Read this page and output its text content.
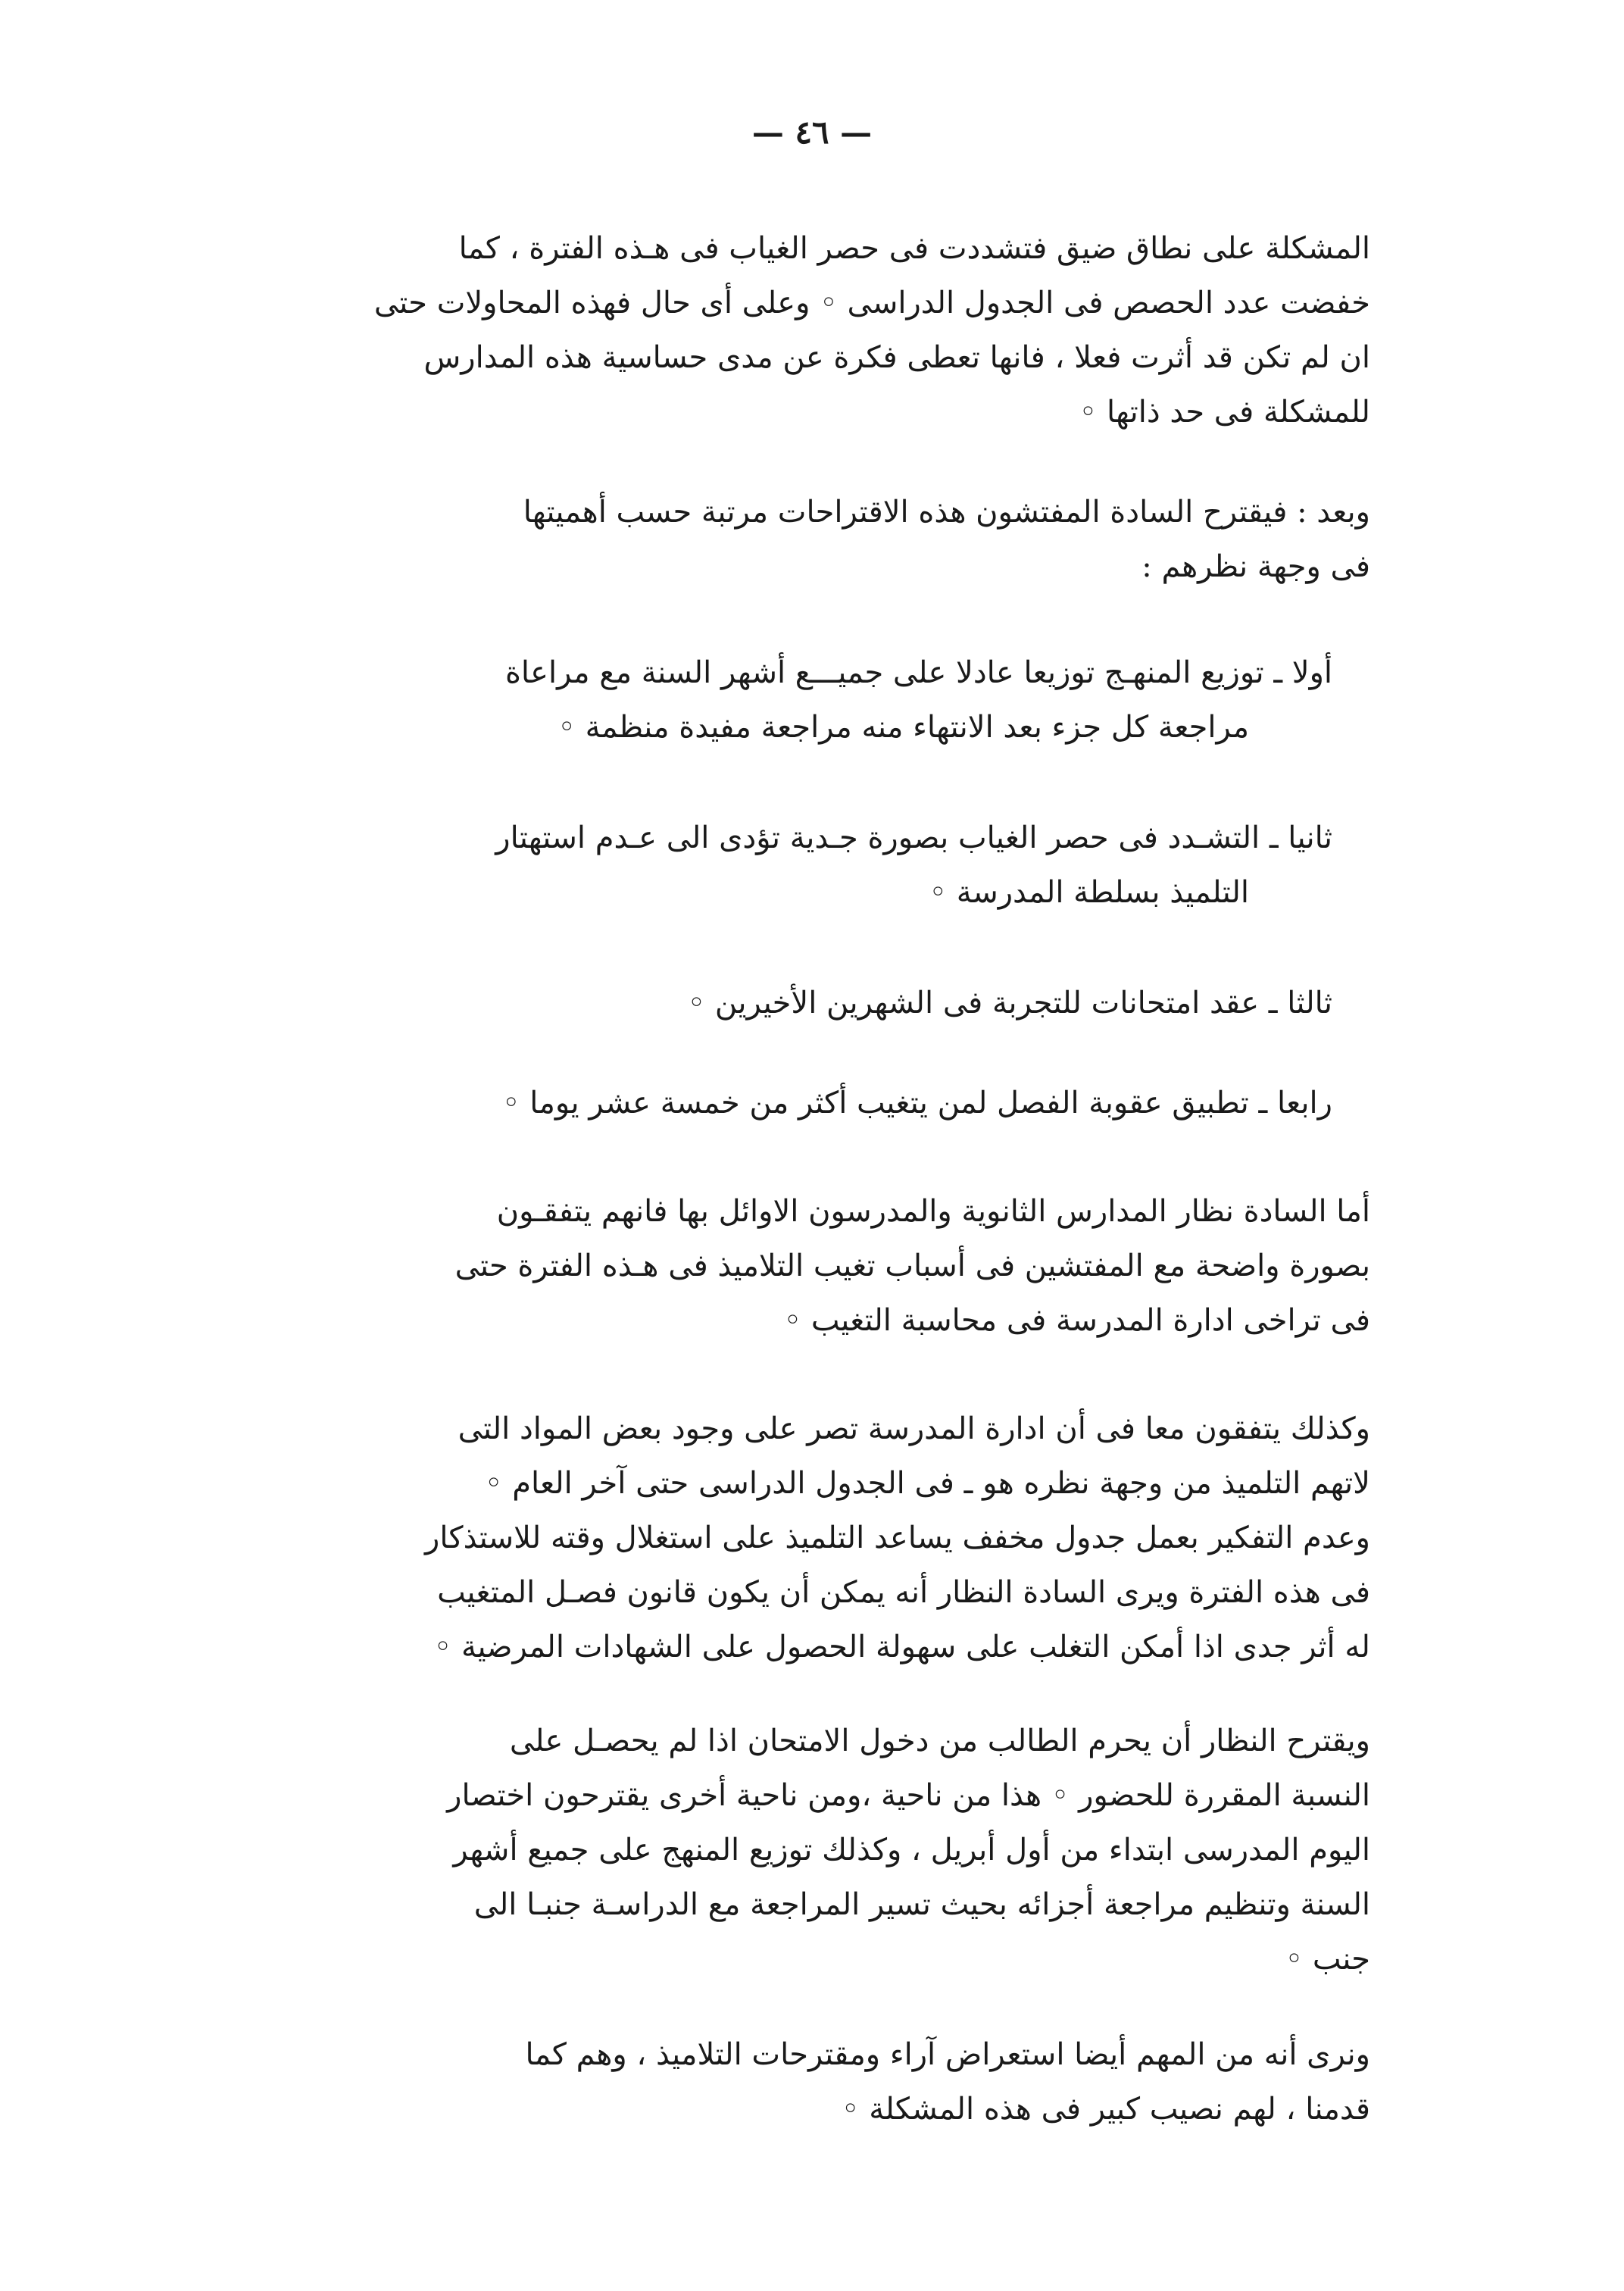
— ٤٦ —

المشكلة على نطاق ضيق فتشددت فى حصر الغياب فى هـذه الفترة ، كما

خفضت عدد الحصص فى الجدول الدراسى ◦ وعلى أى حال فهذه المحاولات حتى

ان لم تكن قد أثرت فعلا ، فانها تعطى فكرة عن مدى حساسية هذه المدارس

للمشكلة فى حد ذاتها ◦

وبعد : فيقترح السادة المفتشون هذه الاقتراحات مرتبة حسب أهميتها

فى وجهة نظرهم :

أولا ـ توزيع المنهـج توزيعا عادلا على جميـــع أشهر السنة مع مراعاة
مراجعة كل جزء بعد الانتهاء منه مراجعة مفيدة منظمة ◦
ثانيا ـ التشـدد فى حصر الغياب بصورة جـدية تؤدى الى عـدم استهتار
التلميذ بسلطة المدرسة ◦
ثالثا ـ عقد امتحانات للتجربة فى الشهرين الأخيرين ◦
رابعا ـ تطبيق عقوبة الفصل لمن يتغيب أكثر من خمسة عشر يوما ◦

أما السادة نظار المدارس الثانوية والمدرسون الاوائل بها فانهم يتفقـون

بصورة واضحة مع المفتشين فى أسباب تغيب التلاميذ فى هـذه الفترة حتى

فى تراخى ادارة المدرسة فى محاسبة التغيب ◦

وكذلك يتفقون معا فى أن ادارة المدرسة تصر على وجود بعض المواد التى

لاتهم التلميذ من وجهة نظره هو ـ فى الجدول الدراسى حتى آخر العام ◦

وعدم التفكير بعمل جدول مخفف يساعد التلميذ على استغلال وقته للاستذكار

فى هذه الفترة ويرى السادة النظار أنه يمكن أن يكون قانون فصـل المتغيب

له أثر جدى اذا أمكن التغلب على سهولة الحصول على الشهادات المرضية ◦

ويقترح النظار أن يحرم الطالب من دخول الامتحان اذا لم يحصـل على

النسبة المقررة للحضور ◦ هذا من ناحية ،ومن ناحية أخرى يقترحون اختصار

اليوم المدرسى ابتداء من أول أبريل ، وكذلك توزيع المنهج على جميع أشهر

السنة وتنظيم مراجعة أجزائه بحيث تسير المراجعة مع الدراسـة جنبـا الى

جنب ◦

ونرى أنه من المهم أيضا استعراض آراء ومقترحات التلاميذ ، وهم كما

قدمنا ، لهم نصيب كبير فى هذه المشكلة ◦
